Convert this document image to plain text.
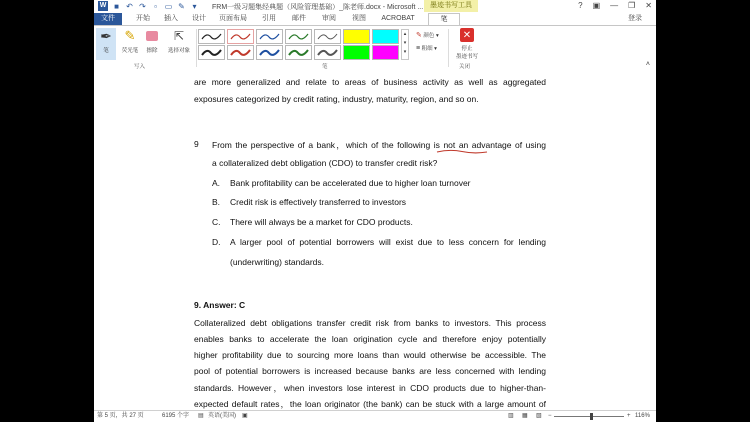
W ■ ↶ ↷	▫ ▭ ✎ ▾	FRM一级习题集经典题（风险管理基础）_陈老师.docx - Microsoft ... 墨迹书写工具	? ▣ — ❐ ✕
文件	开始	插入	设计	页面布局	引用	邮件	审阅	视图	ACROBAT	笔	登录
✒
笔
✎
荧光笔	擦除
⇱
选择对象
写入
▴
▾
▾
笔
✎ 颜色 ▾
≡ 粗细 ▾
✕
停止
墨迹书写
关闭	˄
are more generalized and relate to areas of business activity as well as aggregated
exposures categorized by credit rating, industry, maturity, region, and so on.
9 From the perspective of a bank，which of the following is not an advantage of using
a collateralized debt obligation (CDO) to transfer credit risk?
A. Bank profitability can be accelerated due to higher loan turnover
B. Credit risk is effectively transferred to investors
C. There will always be a market for CDO products.
D. A larger pool of potential borrowers will exist due to less concern for lending
(underwriting) standards.
9. Answer: C
Collateralized debt obligations transfer credit risk from banks to investors. This process
enables banks to accelerate the loan origination cycle and therefore enjoy potentially
higher profitability due to sourcing more loans than would otherwise be accessible. The
pool of potential borrowers is increased because banks are less concerned with lending
standards. However，when investors lose interest in CDO products due to higher-than-
expected default rates，the loan originator (the bank) can be stuck with a large amount of
第 5 页，共 27 页	6195 个字 ▤ 英语(美国) ▣	▥ ▦ ▧ −	+ 116%
